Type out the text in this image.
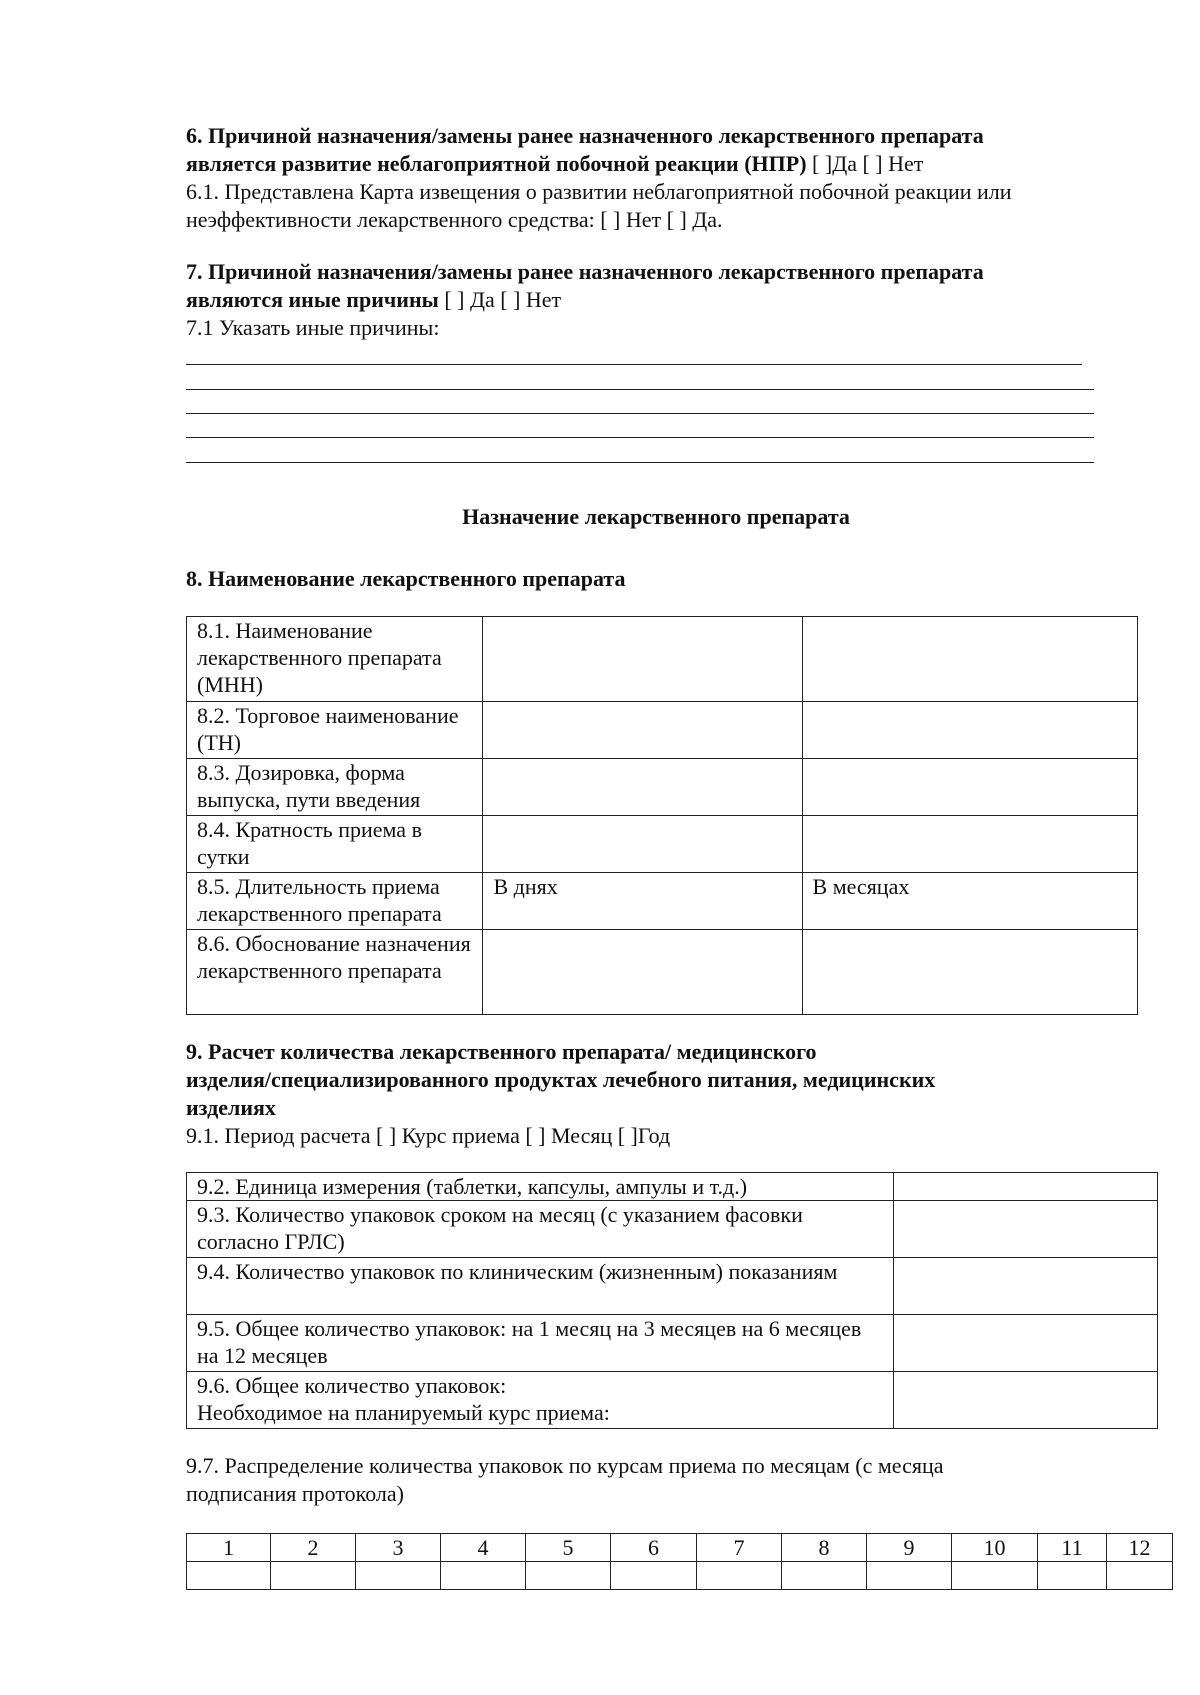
6. Причиной назначения/замены ранее назначенного лекарственного препарата
является развитие неблагоприятной побочной реакции (НПР) [ ]Да [ ] Нет
6.1. Представлена Карта извещения о развитии неблагоприятной побочной реакции или
неэффективности лекарственного средства: [ ] Нет [ ] Да.
7. Причиной назначения/замены ранее назначенного лекарственного препарата
являются иные причины [ ] Да [ ] Нет
7.1 Указать иные причины:
Назначение лекарственного препарата
8. Наименование лекарственного препарата
8.1. Наименование лекарственного препарата (МНН)		
8.2. Торговое наименование (ТН)		
8.3. Дозировка, форма выпуска, пути введения		
8.4. Кратность приема в сутки		
8.5. Длительность приема лекарственного препарата	В днях	В месяцах
8.6. Обоснование назначения лекарственного препарата		
9. Расчет количества лекарственного препарата/ медицинского
изделия/специализированного продуктах лечебного питания, медицинских
изделиях
9.1. Период расчета [ ] Курс приема [ ] Месяц [ ]Год
9.2. Единица измерения (таблетки, капсулы, ампулы и т.д.)	
9.3. Количество упаковок сроком на месяц (с указанием фасовки согласно ГРЛС)	
9.4. Количество упаковок по клиническим (жизненным) показаниям	
9.5. Общее количество упаковок: на 1 месяц на 3 месяцев на 6 месяцев на 12 месяцев	

9.6. Общее количество упаковок:
Необходимое на планируемый курс приема:	

9.7. Распределение количества упаковок по курсам приема по месяцам (с месяца
подписания протокола)
1	2	3	4	5	6	7	8	9	10	11	12
